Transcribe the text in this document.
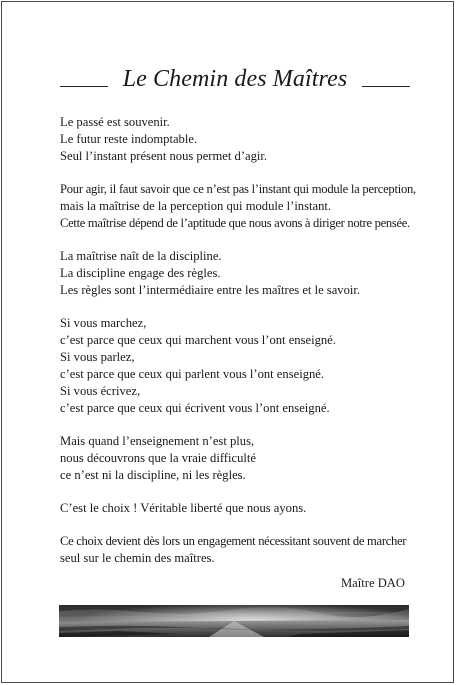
Le Chemin des Maîtres

Le passé est souvenir.
Le futur reste indomptable.
Seul l’instant présent nous permet d’agir.

Pour agir, il faut savoir que ce n’est pas l’instant qui module la perception,
mais la maîtrise de la perception qui module l’instant.
Cette maîtrise dépend de l’aptitude que nous avons à diriger notre pensée.

La maîtrise naît de la discipline.
La discipline engage des règles.
Les règles sont l’intermédiaire entre les maîtres et le savoir.

Si vous marchez,
c’est parce que ceux qui marchent vous l’ont enseigné.
Si vous parlez,
c’est parce que ceux qui parlent vous l’ont enseigné.
Si vous écrivez,
c’est parce que ceux qui écrivent vous l’ont enseigné.

Mais quand l’enseignement n’est plus,
nous découvrons que la vraie difficulté
ce n’est ni la discipline, ni les règles.

C’est le choix ! Véritable liberté que nous ayons.

Ce choix devient dès lors un engagement nécessitant souvent de marcher
seul sur le chemin des maîtres.

Maître DAO
